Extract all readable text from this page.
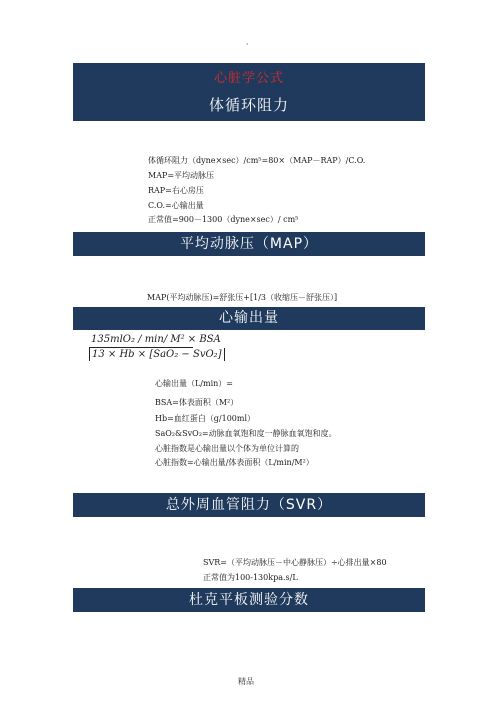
·
心脏学公式
体循环阻力
体循环阻力（dyne×sec）/cm⁵=80×（MAP－RAP）/C.O.
MAP=平均动脉压
RAP=右心房压
C.O.=心输出量
正常值=900－1300（dyne×sec）/ cm⁵
平均动脉压（MAP）
MAP(平均动脉压)=舒张压+[1/3（收缩压－舒张压）]
心输出量
135mlO₂ / min/ M² × BSA
13 × Hb × [SaO₂ − SvO₂]
心输出量（L/min）=
BSA=体表面积（M²）
Hb=血红蛋白（g/100ml）
SaO₂&SvO₂=动脉血氧饱和度一静脉血氧饱和度。
心脏指数是心输出量以个体为单位计算的
心脏指数=心输出量/体表面积（L/min/M²）
总外周血管阻力（SVR）
SVR=（平均动脉压－中心静脉压）÷心排出量×80
正常值为100-130kpa.s/L
杜克平板测验分数
精品
